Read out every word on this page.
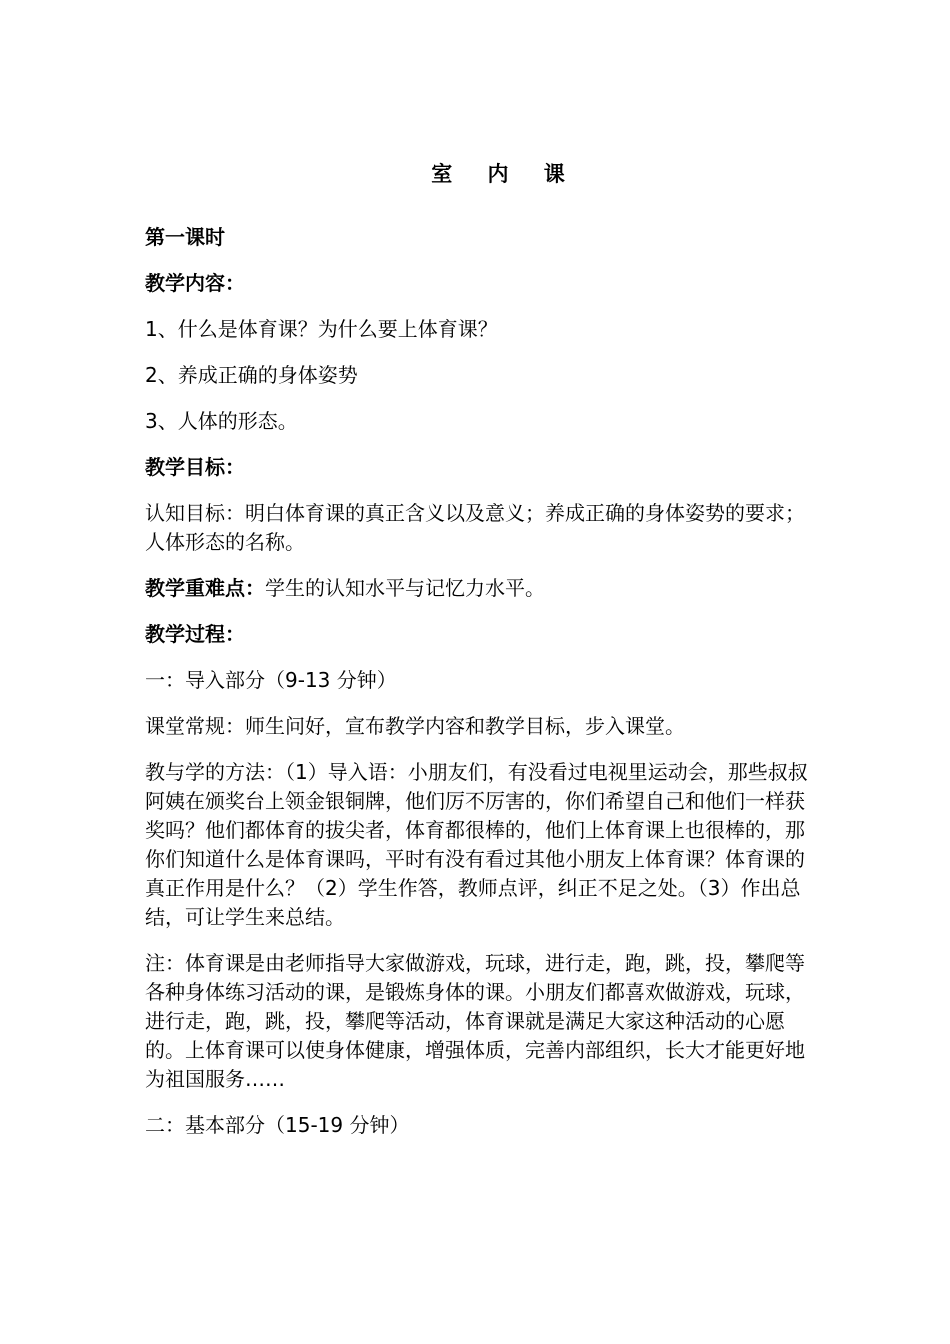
室 内 课

第一课时

教学内容：

1、什么是体育课？为什么要上体育课？

2、养成正确的身体姿势

3、人体的形态。

教学目标：

认知目标：明白体育课的真正含义以及意义；养成正确的身体姿势的要求；人体形态的名称。

教学重难点：学生的认知水平与记忆力水平。

教学过程：

一：导入部分（9-13 分钟）

课堂常规：师生问好，宣布教学内容和教学目标，步入课堂。

教与学的方法：（1）导入语：小朋友们，有没看过电视里运动会，那些叔叔阿姨在颁奖台上领金银铜牌，他们厉不厉害的，你们希望自己和他们一样获奖吗？他们都体育的拔尖者，体育都很棒的，他们上体育课上也很棒的，那你们知道什么是体育课吗，平时有没有看过其他小朋友上体育课？体育课的真正作用是什么？（2）学生作答，教师点评，纠正不足之处。（3）作出总结，可让学生来总结。

注：体育课是由老师指导大家做游戏，玩球，进行走，跑，跳，投，攀爬等各种身体练习活动的课，是锻炼身体的课。小朋友们都喜欢做游戏，玩球，进行走，跑，跳，投，攀爬等活动，体育课就是满足大家这种活动的心愿的。上体育课可以使身体健康，增强体质，完善内部组织，长大才能更好地为祖国服务……

二：基本部分（15-19 分钟）
